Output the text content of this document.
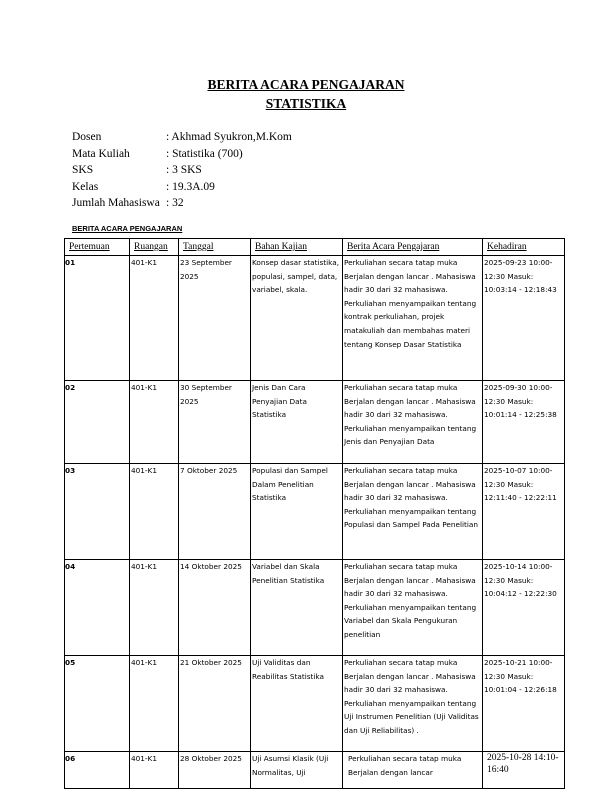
BERITA ACARA PENGAJARAN
STATISTIKA
Dosen	: Akhmad Syukron,M.Kom
Mata Kuliah	: Statistika (700)
SKS	: 3 SKS
Kelas	: 19.3A.09
Jumlah Mahasiswa : 32
BERITA ACARA PENGAJARAN
Pertemuan	Ruangan	Tanggal	Bahan Kajian	Berita Acara Pengajaran	Kehadiran
01	401-K1	23 September 2025	Konsep dasar statistika, populasi, sampel, data, variabel, skala.	Perkuliahan secara tatap muka Berjalan dengan lancar . Mahasiswa hadir 30 dari 32 mahasiswa. Perkuliahan menyampaikan tentang kontrak perkuliahan, projek matakuliah dan membahas materi tentang Konsep Dasar Statistika	2025-09-23 10:00-12:30 Masuk: 10:03:14 - 12:18:43
02	401-K1	30 September 2025	Jenis Dan Cara Penyajian Data Statistika	Perkuliahan secara tatap muka Berjalan dengan lancar . Mahasiswa hadir 30 dari 32 mahasiswa. Perkuliahan menyampaikan tentang Jenis dan Penyajian Data	2025-09-30 10:00-12:30 Masuk: 10:01:14 - 12:25:38
03	401-K1	7 Oktober 2025	Populasi dan Sampel Dalam Penelitian Statistika	Perkuliahan secara tatap muka Berjalan dengan lancar . Mahasiswa hadir 30 dari 32 mahasiswa. Perkuliahan menyampaikan tentang Populasi dan Sampel Pada Penelitian	2025-10-07 10:00-12:30 Masuk: 12:11:40 - 12:22:11
04	401-K1	14 Oktober 2025	Variabel dan Skala Penelitian Statistika	Perkuliahan secara tatap muka Berjalan dengan lancar . Mahasiswa hadir 30 dari 32 mahasiswa. Perkuliahan menyampaikan tentang Variabel dan Skala Pengukuran penelitian	2025-10-14 10:00-12:30 Masuk: 10:04:12 - 12:22:30
05	401-K1	21 Oktober 2025	Uji Validitas dan Reabilitas Statistika	Perkuliahan secara tatap muka Berjalan dengan lancar . Mahasiswa hadir 30 dari 32 mahasiswa. Perkuliahan menyampaikan tentang Uji Instrumen Penelitian (Uji Validitas dan Uji Reliabilitas) .	2025-10-21 10:00-12:30 Masuk: 10:01:04 - 12:26:18
06	401-K1	28 Oktober 2025	Uji Asumsi Klasik (Uji Normalitas, Uji	Perkuliahan secara tatap muka Berjalan dengan lancar	2025-10-28 14:10-16:40
